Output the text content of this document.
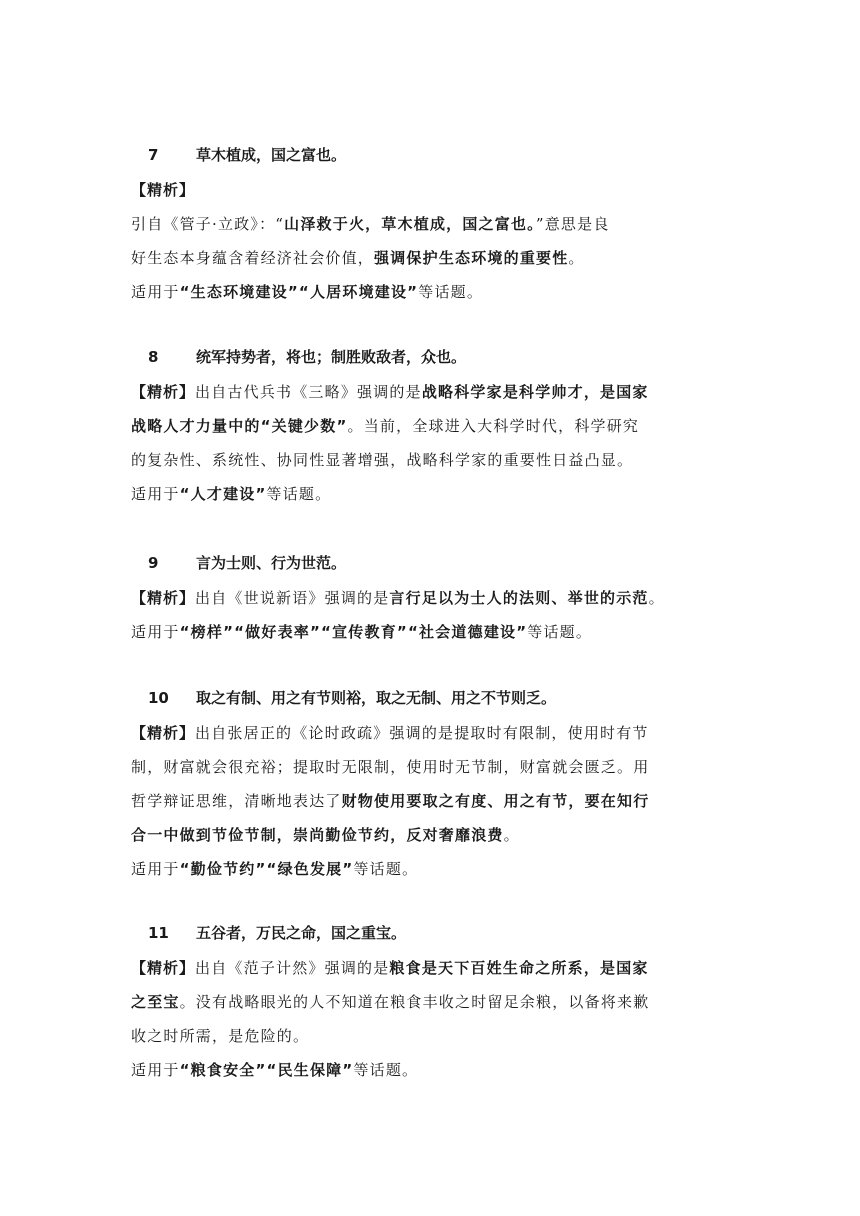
7	草木植成，国之富也。
【精析】
引自《管子·立政》：“山泽救于火，草木植成，国之富也。”意思是良
好生态本身蕴含着经济社会价值，强调保护生态环境的重要性。
适用于“生态环境建设”“人居环境建设”等话题。
8	统军持势者，将也；制胜败敌者，众也。
【精析】出自古代兵书《三略》强调的是战略科学家是科学帅才，是国家
战略人才力量中的“关键少数”。当前，全球进入大科学时代，科学研究
的复杂性、系统性、协同性显著增强，战略科学家的重要性日益凸显。
适用于“人才建设”等话题。
9	言为士则、行为世范。
【精析】出自《世说新语》强调的是言行足以为士人的法则、举世的示范。
适用于“榜样”“做好表率”“宣传教育”“社会道德建设”等话题。
10 取之有制、用之有节则裕，取之无制、用之不节则乏。
【精析】出自张居正的《论时政疏》强调的是提取时有限制，使用时有节
制，财富就会很充裕；提取时无限制，使用时无节制，财富就会匮乏。用
哲学辩证思维，清晰地表达了财物使用要取之有度、用之有节，要在知行
合一中做到节俭节制，崇尚勤俭节约，反对奢靡浪费。
适用于“勤俭节约”“绿色发展”等话题。
11 五谷者，万民之命，国之重宝。
【精析】出自《范子计然》强调的是粮食是天下百姓生命之所系，是国家
之至宝。没有战略眼光的人不知道在粮食丰收之时留足余粮，以备将来歉
收之时所需，是危险的。
适用于“粮食安全”“民生保障”等话题。
